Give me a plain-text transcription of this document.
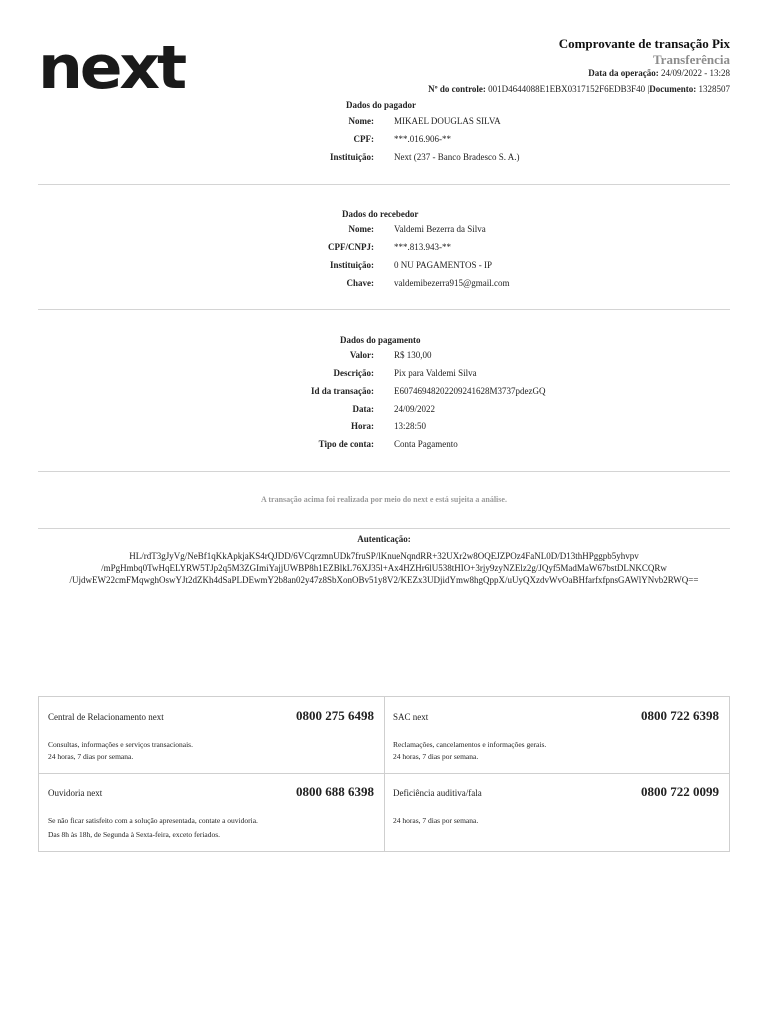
next	Comprovante de transação Pix
Transferência
Data da operação: 24/09/2022 - 13:28
Nº do controle: 001D4644088E1EBX0317152F6EDB3F40 |Documento: 1328507
Dados do pagador
Nome: MIKAEL DOUGLAS SILVA
CPF: ***.016.906-**
Instituição: Next (237 - Banco Bradesco S. A.)
Dados do recebedor
Nome: Valdemi Bezerra da Silva
CPF/CNPJ: ***.813.943-**
Instituição: 0 NU PAGAMENTOS - IP
Chave: valdemibezerra915@gmail.com
Dados do pagamento
Valor: R$ 130,00
Descrição: Pix para Valdemi Silva
Id da transação: E60746948202209241628M3737pdezGQ
Data: 24/09/2022
Hora: 13:28:50
Tipo de conta: Conta Pagamento
A transação acima foi realizada por meio do next e está sujeita a análise.
Autenticação:
HL/rdT3gJyVg/NeBf1qKkApkjaKS4rQJDD/6VCqrzmnUDk7fruSP/lKnueNqndRR+32UXr2w8OQEJZPOz4FaNL0D/D13thHPggpb5yhvpv
/mPgHmbq0TwHqELYRW5TJp2q5M3ZGImiYajjUWBP8h1EZBlkL76XJ35l+Ax4HZHr6lU538tHIO+3rjy9zyNZElz2g/JQyf5MadMaW67bstDLNKCQRw
/UjdwEW22cmFMqwghOswYJt2dZKh4dSaPLDEwmY2b8an02y47z8SbXonOBv51y8V2/KEZx3UDjidYmw8hgQppX/uUyQXzdvWvOaBHfarfxfpnsGAWlYNvb2RWQ==
Central de Relacionamento next	0800 275 6498
Consultas, informações e serviços transacionais.
24 horas, 7 dias por semana.
SAC next	0800 722 6398
Reclamações, cancelamentos e informações gerais.
24 horas, 7 dias por semana.
Ouvidoria next	0800 688 6398
Se não ficar satisfeito com a solução apresentada, contate a ouvidoria.
Das 8h às 18h, de Segunda à Sexta-feira, exceto feriados.
Deficiência auditiva/fala	0800 722 0099
24 horas, 7 dias por semana.
